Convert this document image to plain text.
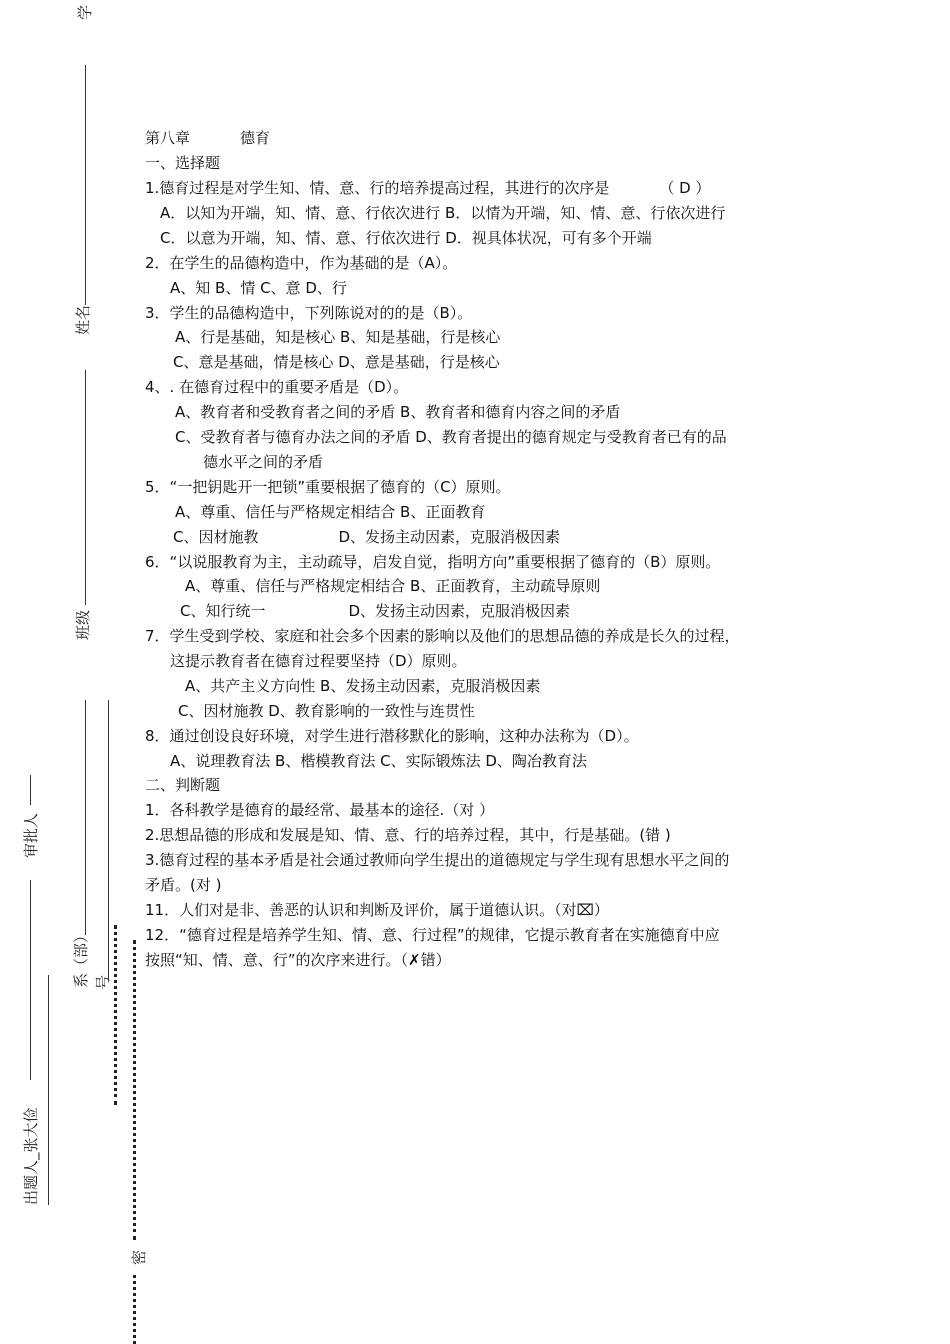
学
姓名
班级
审批人
系（部） 号
出题人_张大俭
密
第八章	德育
一、选择题
1.德育过程是对学生知、情、意、行的培养提高过程，其进行的次序是	（ D ）
A．以知为开端，知、情、意、行依次进行 B．以情为开端，知、情、意、行依次进行
C．以意为开端，知、情、意、行依次进行 D．视具体状况，可有多个开端
2．在学生的品德构造中，作为基础的是（A）。
A、知 B、情 C、意 D、行
3．学生的品德构造中，下列陈说对的的是（B）。
A、行是基础，知是核心 B、知是基础，行是核心
C、意是基础，情是核心 D、意是基础，行是核心
4、. 在德育过程中的重要矛盾是（D）。
A、教育者和受教育者之间的矛盾 B、教育者和德育内容之间的矛盾
C、受教育者与德育办法之间的矛盾 D、教育者提出的德育规定与受教育者已有的品
德水平之间的矛盾
5．“一把钥匙开一把锁”重要根据了德育的（C）原则。
A、尊重、信任与严格规定相结合 B、正面教育
C、因材施教	D、发扬主动因素，克服消极因素
6．“以说服教育为主，主动疏导，启发自觉，指明方向”重要根据了德育的（B）原则。
A、尊重、信任与严格规定相结合 B、正面教育，主动疏导原则
C、知行统一	D、发扬主动因素，克服消极因素
7．学生受到学校、家庭和社会多个因素的影响以及他们的思想品德的养成是长久的过程，
这提示教育者在德育过程要坚持（D）原则。
A、共产主义方向性 B、发扬主动因素，克服消极因素
C、因材施教 D、教育影响的一致性与连贯性
8．通过创设良好环境，对学生进行潜移默化的影响，这种办法称为（D）。
A、说理教育法 B、楷模教育法 C、实际锻炼法 D、陶冶教育法
二、判断题
1．各科教学是德育的最经常、最基本的途径.（对 ）
2.思想品德的形成和发展是知、情、意、行的培养过程，其中，行是基础。(错 )
3.德育过程的基本矛盾是社会通过教师向学生提出的道德规定与学生现有思想水平之间的
矛盾。(对 )
11．人们对是非、善恶的认识和判断及评价，属于道德认识。（对⌧）
12．“德育过程是培养学生知、情、意、行过程”的规律，它提示教育者在实施德育中应
按照“知、情、意、行”的次序来进行。（✗错）
